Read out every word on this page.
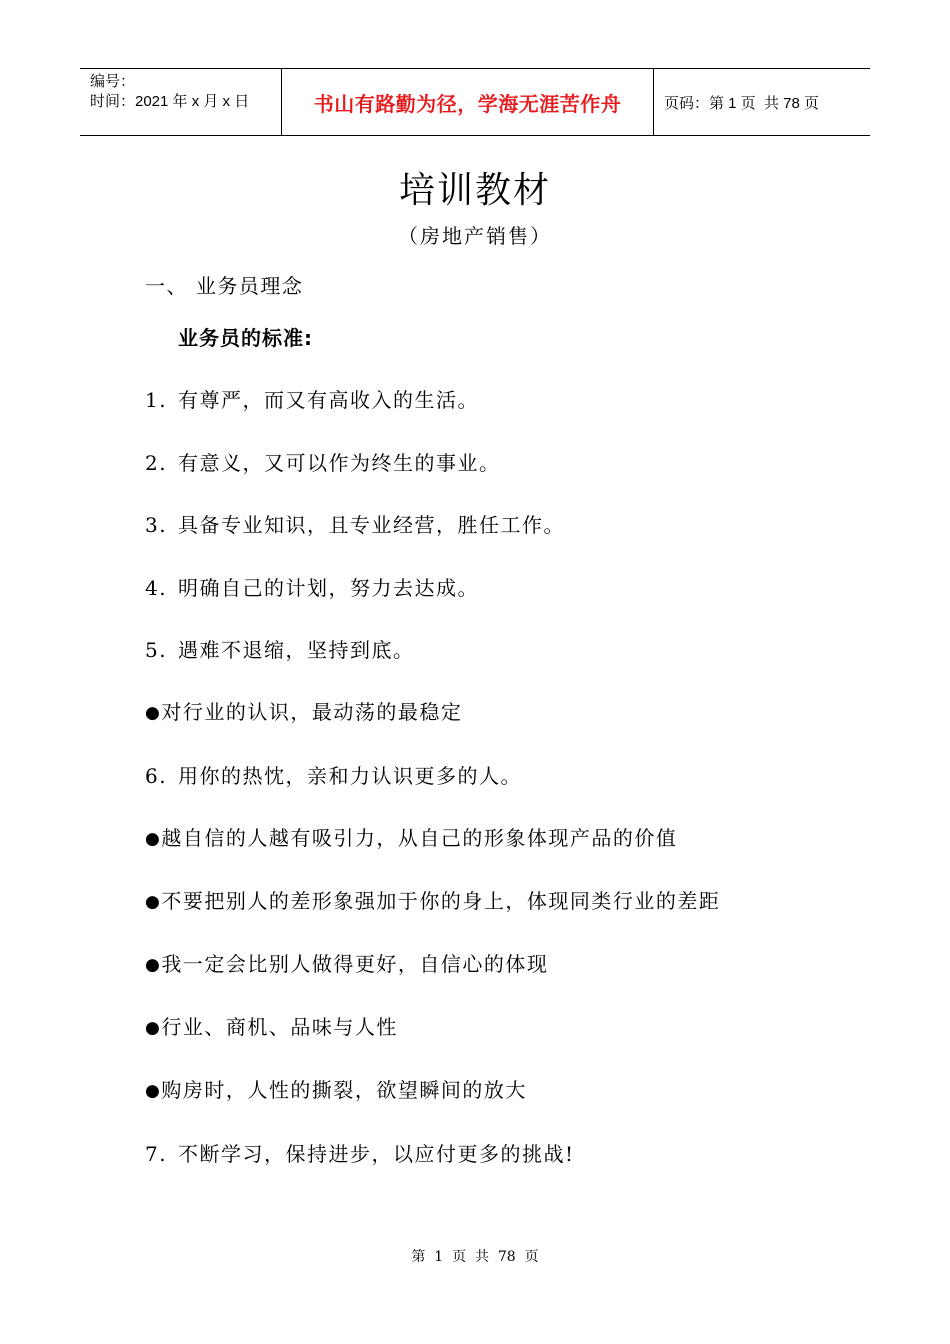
编号：
时间：2021 年 x 月 x 日	书山有路勤为径，学海无涯苦作舟	页码：第 1 页  共 78 页
培训教材
（房地产销售）
一、 业务员理念
业务员的标准:
1. 有尊严，而又有高收入的生活。
2. 有意义，又可以作为终生的事业。
3. 具备专业知识，且专业经营，胜任工作。
4. 明确自己的计划，努力去达成。
5. 遇难不退缩，坚持到底。
●对行业的认识，最动荡的最稳定
6. 用你的热忱，亲和力认识更多的人。
●越自信的人越有吸引力，从自己的形象体现产品的价值
●不要把别人的差形象强加于你的身上，体现同类行业的差距
●我一定会比别人做得更好，自信心的体现
●行业、商机、品味与人性
●购房时，人性的撕裂，欲望瞬间的放大
7. 不断学习，保持进步，以应付更多的挑战!
第  1  页  共  78  页
